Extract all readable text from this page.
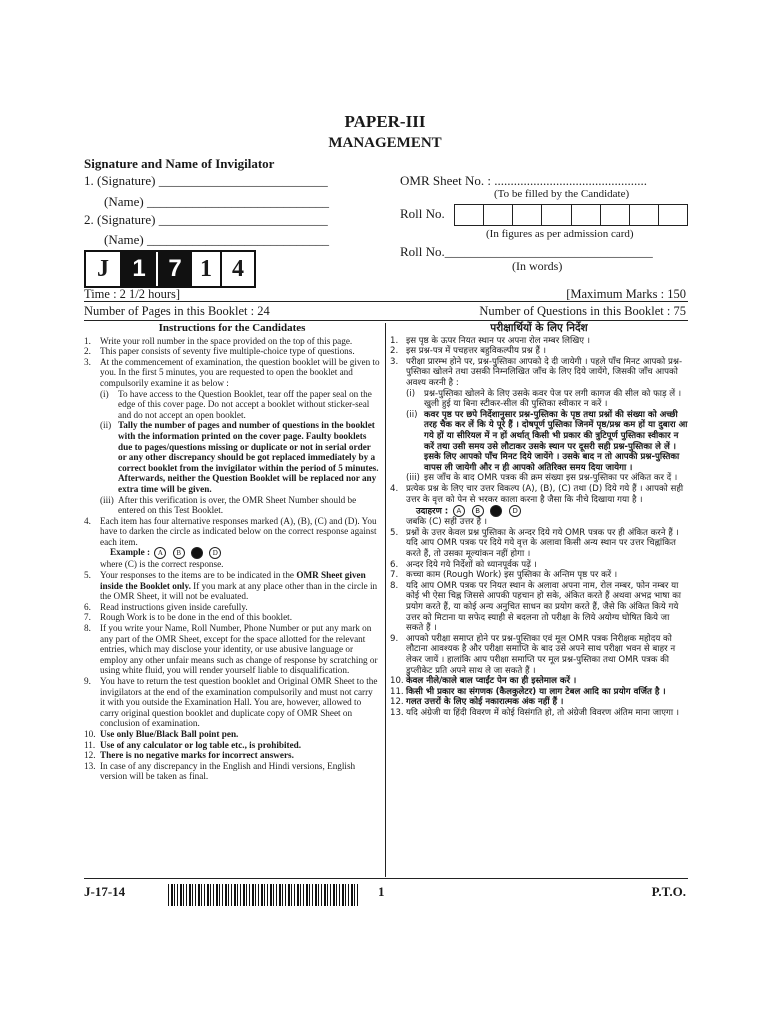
PAPER-III
MANAGEMENT
Signature and Name of Invigilator
1. (Signature) __________________________
(Name) ____________________________
2. (Signature) __________________________
(Name) ____________________________
OMR Sheet No. : ...............................................
(To be filled by the Candidate)
Roll No.
(In figures as per admission card)
Roll No.________________________________
(In words)
J 1 7 1 4
Time : 2 1/2 hours]	[Maximum Marks : 150
Number of Pages in this Booklet : 24	Number of Questions in this Booklet : 75
Instructions for the Candidates
1. Write your roll number in the space provided on the top of this page.
2. This paper consists of seventy five multiple-choice type of questions.
3. At the commencement of examination, the question booklet will be given to you. In the first 5 minutes, you are requested to open the booklet and compulsorily examine it as below :
(i) To have access to the Question Booklet, tear off the paper seal on the edge of this cover page. Do not accept a booklet without sticker-seal and do not accept an open booklet.
(ii) Tally the number of pages and number of questions in the booklet with the information printed on the cover page. Faulty booklets due to pages/questions missing or duplicate or not in serial order or any other discrepancy should be got replaced immediately by a correct booklet from the invigilator within the period of 5 minutes. Afterwards, neither the Question Booklet will be replaced nor any extra time will be given.
(iii) After this verification is over, the OMR Sheet Number should be entered on this Test Booklet.
4. Each item has four alternative responses marked (A), (B), (C) and (D). You have to darken the circle as indicated below on the correct response against each item.
Example : A B C D
where (C) is the correct response.
5. Your responses to the items are to be indicated in the OMR Sheet given inside the Booklet only. If you mark at any place other than in the circle in the OMR Sheet, it will not be evaluated.
6. Read instructions given inside carefully.
7. Rough Work is to be done in the end of this booklet.
8. If you write your Name, Roll Number, Phone Number or put any mark on any part of the OMR Sheet, except for the space allotted for the relevant entries, which may disclose your identity, or use abusive language or employ any other unfair means such as change of response by scratching or using white fluid, you will render yourself liable to disqualification.
9. You have to return the test question booklet and Original OMR Sheet to the invigilators at the end of the examination compulsorily and must not carry it with you outside the Examination Hall. You are, however, allowed to carry original question booklet and duplicate copy of OMR Sheet on conclusion of examination.
10. Use only Blue/Black Ball point pen.
11. Use of any calculator or log table etc., is prohibited.
12. There is no negative marks for incorrect answers.
13. In case of any discrepancy in the English and Hindi versions, English version will be taken as final.
परीक्षार्थियों के लिए निर्देश
1. इस पृष्ठ के ऊपर नियत स्थान पर अपना रोल नम्बर लिखिए ।
2. इस प्रश्न-पत्र में पचहत्तर बहुविकल्पीय प्रश्न हैं ।
3. परीक्षा प्रारम्भ होने पर, प्रश्न-पुस्तिका आपको दे दी जायेगी । पहले पाँच मिनट आपको प्रश्न-पुस्तिका खोलने तथा उसकी निम्नलिखित जाँच के लिए दिये जायेंगे, जिसकी जाँच आपको अवश्य करनी है :
(i) प्रश्न-पुस्तिका खोलने के लिए उसके कवर पेज पर लगी कागज की सील को फाड़ लें । खुली हुई या बिना स्टीकर-सील की पुस्तिका स्वीकार न करें ।
(ii) कवर पृष्ठ पर छपे निर्देशानुसार प्रश्न-पुस्तिका के पृष्ठ तथा प्रश्नों की संख्या को अच्छी तरह चैक कर लें कि ये पूरे हैं । दोषपूर्ण पुस्तिका जिनमें पृष्ठ/प्रश्न कम हों या दुबारा आ गये हों या सीरियल में न हों अर्थात् किसी भी प्रकार की त्रुटिपूर्ण पुस्तिका स्वीकार न करें तथा उसी समय उसे लौटाकर उसके स्थान पर दूसरी सही प्रश्न-पुस्तिका ले लें । इसके लिए आपको पाँच मिनट दिये जायेंगे । उसके बाद न तो आपकी प्रश्न-पुस्तिका वापस ली जायेगी और न ही आपको अतिरिक्त समय दिया जायेगा ।
(iii) इस जाँच के बाद OMR पत्रक की क्रम संख्या इस प्रश्न-पुस्तिका पर अंकित कर दें ।
4. प्रत्येक प्रश्न के लिए चार उत्तर विकल्प (A), (B), (C) तथा (D) दिये गये हैं । आपको सही उत्तर के वृत्त को पेन से भरकर काला करना है जैसा कि नीचे दिखाया गया है ।
उदाहरण : A B C D
जबकि (C) सही उत्तर है ।
5. प्रश्नों के उत्तर केवल प्रश्न पुस्तिका के अन्दर दिये गये OMR पत्रक पर ही अंकित करने हैं । यदि आप OMR पत्रक पर दिये गये वृत्त के अलावा किसी अन्य स्थान पर उत्तर चिह्नांकित करते हैं, तो उसका मूल्यांकन नहीं होगा ।
6. अन्दर दिये गये निर्देशों को ध्यानपूर्वक पढ़ें ।
7. कच्चा काम (Rough Work) इस पुस्तिका के अन्तिम पृष्ठ पर करें ।
8. यदि आप OMR पत्रक पर नियत स्थान के अलावा अपना नाम, रोल नम्बर, फोन नम्बर या कोई भी ऐसा चिह्न जिससे आपकी पहचान हो सके, अंकित करते हैं अथवा अभद्र भाषा का प्रयोग करते हैं, या कोई अन्य अनुचित साधन का प्रयोग करते हैं, जैसे कि अंकित किये गये उत्तर को मिटाना या सफेद स्याही से बदलना तो परीक्षा के लिये अयोग्य घोषित किये जा सकते हैं ।
9. आपको परीक्षा समाप्त होने पर प्रश्न-पुस्तिका एवं मूल OMR पत्रक निरीक्षक महोदय को लौटाना आवश्यक है और परीक्षा समाप्ति के बाद उसे अपने साथ परीक्षा भवन से बाहर न लेकर जायें । हालांकि आप परीक्षा समाप्ति पर मूल प्रश्न-पुस्तिका तथा OMR पत्रक की डुप्लीकेट प्रति अपने साथ ले जा सकते हैं ।
10. केवल नीले/काले बाल प्वाईंट पेन का ही इस्तेमाल करें ।
11. किसी भी प्रकार का संगणक (कैलकुलेटर) या लाग टेबल आदि का प्रयोग वर्जित है ।
12. गलत उत्तरों के लिए कोई नकारात्मक अंक नहीं हैं ।
13. यदि अंग्रेजी या हिंदी विवरण में कोई विसंगति हो, तो अंग्रेजी विवरण अंतिम माना जाएगा ।
J-17-14	1	P.T.O.
